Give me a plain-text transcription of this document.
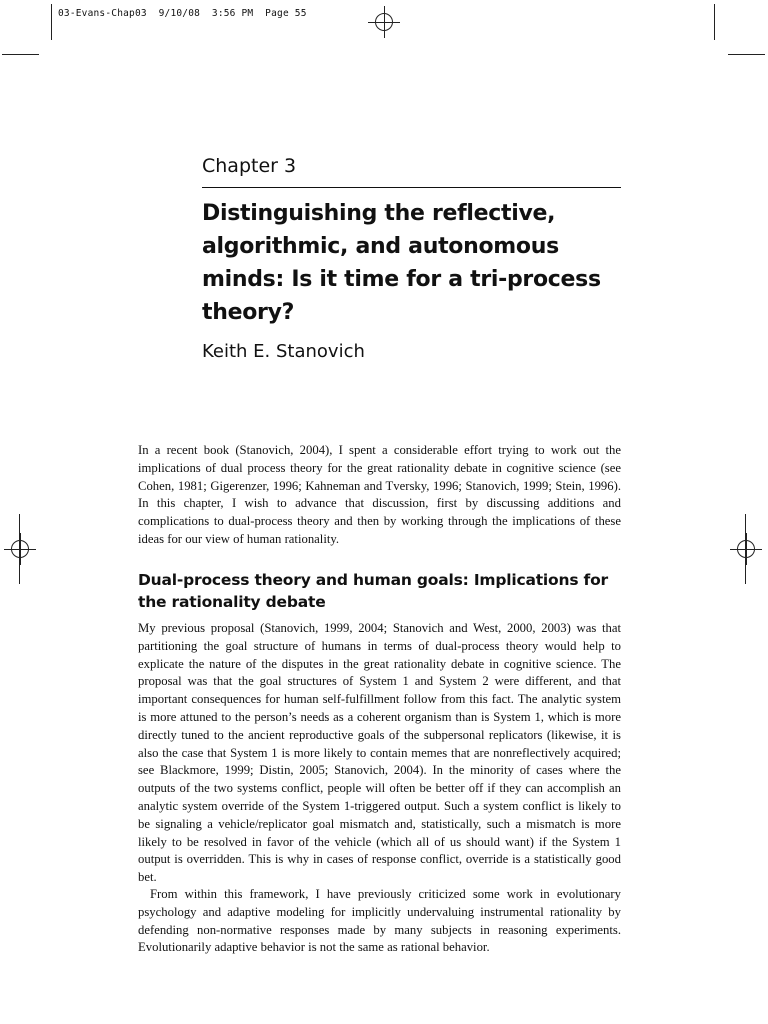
03-Evans-Chap03  9/10/08  3:56 PM  Page 55
Chapter 3
Distinguishing the reflective, algorithmic, and autonomous minds: Is it time for a tri-process theory?
Keith E. Stanovich

In a recent book (Stanovich, 2004), I spent a considerable effort trying to work out the implications of dual process theory for the great rationality debate in cognitive science (see Cohen, 1981; Gigerenzer, 1996; Kahneman and Tversky, 1996; Stanovich, 1999; Stein, 1996). In this chapter, I wish to advance that discussion, first by discussing additions and complications to dual-process theory and then by working through the implications of these ideas for our view of human rationality.

Dual-process theory and human goals: Implications for the rationality debate

My previous proposal (Stanovich, 1999, 2004; Stanovich and West, 2000, 2003) was that partitioning the goal structure of humans in terms of dual-process theory would help to explicate the nature of the disputes in the great rationality debate in cognitive science. The proposal was that the goal structures of System 1 and System 2 were different, and that important consequences for human self-fulfillment follow from this fact. The analytic system is more attuned to the person’s needs as a coherent organism than is System 1, which is more directly tuned to the ancient reproductive goals of the subpersonal replicators (likewise, it is also the case that System 1 is more likely to contain memes that are nonreflectively acquired; see Blackmore, 1999; Distin, 2005; Stanovich, 2004). In the minority of cases where the outputs of the two systems conflict, people will often be better off if they can accomplish an analytic system override of the System 1-triggered output. Such a system conflict is likely to be signaling a vehicle/replicator goal mismatch and, statistically, such a mismatch is more likely to be resolved in favor of the vehicle (which all of us should want) if the System 1 output is overridden. This is why in cases of response conflict, override is a statistically good bet.

From within this framework, I have previously criticized some work in evolutionary psychology and adaptive modeling for implicitly undervaluing instrumental rationality by defending non-normative responses made by many subjects in reasoning experiments. Evolutionarily adaptive behavior is not the same as rational behavior.
